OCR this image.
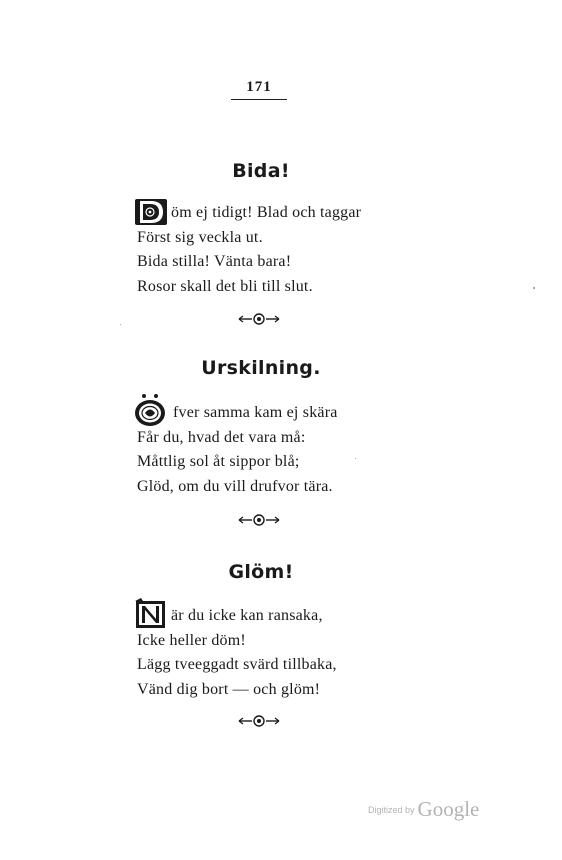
171
Bida!
öm ej tidigt! Blad och taggar
Först sig veckla ut.
Bida stilla! Vänta bara!
Rosor skall det bli till slut.
Urskilning.
fver samma kam ej skära
Får du, hvad det vara må:
Måttlig sol åt sippor blå;
Glöd, om du vill drufvor tära.
Glöm!
är du icke kan ransaka,
Icke heller döm!
Lägg tveeggadt svärd tillbaka,
Vänd dig bort — och glöm!
Digitized by Google
